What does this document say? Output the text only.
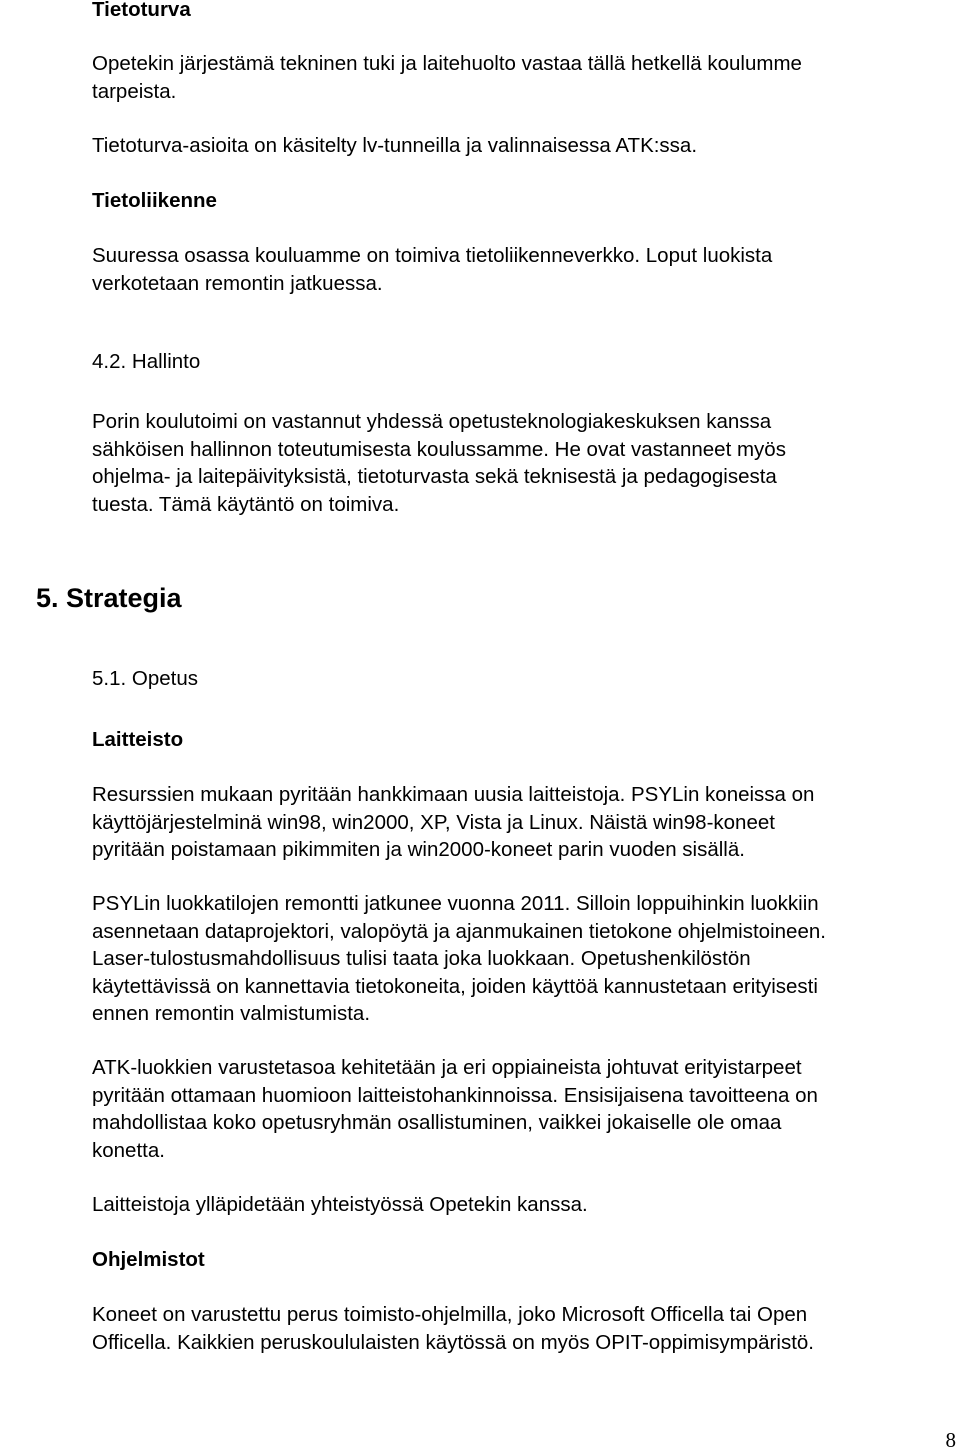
Tietoturva
Opetekin järjestämä tekninen tuki ja laitehuolto vastaa tällä hetkellä koulumme
tarpeista.
Tietoturva-asioita on käsitelty lv-tunneilla ja valinnaisessa ATK:ssa.
Tietoliikenne
Suuressa osassa kouluamme on toimiva tietoliikenneverkko. Loput luokista
verkotetaan remontin jatkuessa.
4.2. Hallinto
Porin koulutoimi on vastannut yhdessä opetusteknologiakeskuksen kanssa
sähköisen hallinnon toteutumisesta koulussamme. He ovat vastanneet myös
ohjelma- ja laitepäivityksistä, tietoturvasta sekä teknisestä ja pedagogisesta
tuesta. Tämä käytäntö on toimiva.
5. Strategia
5.1. Opetus
Laitteisto
Resurssien mukaan pyritään hankkimaan uusia laitteistoja. PSYLin koneissa on
käyttöjärjestelminä win98, win2000, XP, Vista ja Linux. Näistä win98-koneet
pyritään poistamaan pikimmiten ja win2000-koneet parin vuoden sisällä.
PSYLin luokkatilojen remontti jatkunee vuonna 2011. Silloin loppuihinkin luokkiin
asennetaan dataprojektori, valopöytä ja ajanmukainen tietokone ohjelmistoineen.
Laser-tulostusmahdollisuus tulisi taata joka luokkaan. Opetushenkilöstön
käytettävissä on kannettavia tietokoneita, joiden käyttöä kannustetaan erityisesti
ennen remontin valmistumista.
ATK-luokkien varustetasoa kehitetään ja eri oppiaineista johtuvat erityistarpeet
pyritään ottamaan huomioon laitteistohankinnoissa. Ensisijaisena tavoitteena on
mahdollistaa koko opetusryhmän osallistuminen, vaikkei jokaiselle ole omaa
konetta.
Laitteistoja ylläpidetään yhteistyössä Opetekin kanssa.
Ohjelmistot
Koneet on varustettu perus toimisto-ohjelmilla, joko Microsoft Officella tai Open
Officella. Kaikkien peruskoululaisten käytössä on myös OPIT-oppimisympäristö.
8
